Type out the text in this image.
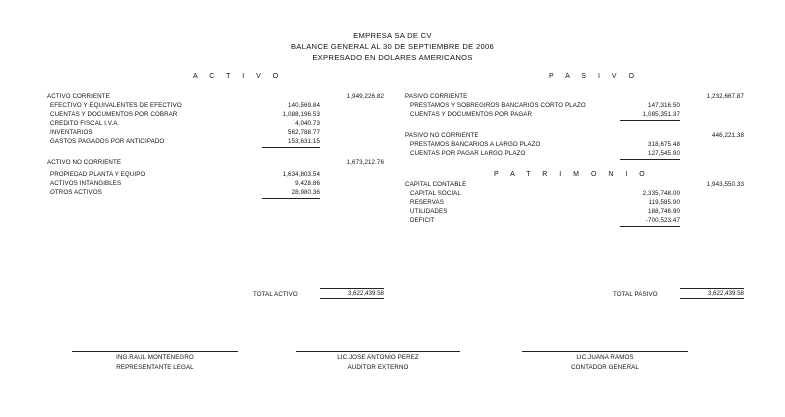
EMPRESA SA DE CV
BALANCE GENERAL AL 30 DE SEPTIEMBRE DE 2006
EXPRESADO EN DOLARES AMERICANOS
A C T I V O	P A S I V O
ACTIVO CORRIENTE	1,949,226.82
EFECTIVO Y EQUIVALENTES DE EFECTIVO	140,569.84
CUENTAS Y DOCUMENTOS POR COBRAR	1,088,196.53
CREDITO FISCAL I.V.A.	4,040.73
INVENTARIOS	562,788.77
GASTOS PAGADOS POR ANTICIPADO	153,631.15
ACTIVO NO CORRIENTE	1,673,212.76
PROPIEDAD PLANTA Y EQUIPO	1,634,803.54
ACTIVOS INTANGIBLES	9,428.86
OTROS ACTIVOS	28,980.36
PASIVO CORRIENTE	1,232,667.87
PRESTAMOS Y SOBREGIROS BANCARIOS CORTO PLAZO	147,316.50
CUENTAS Y DOCUMENTOS POR PAGAR	1,085,351.37
PASIVO NO CORRIENTE	446,221.38
PRESTAMOS BANCARIOS A LARGO PLAZO	318,675.48
CUENTAS POR PAGAR LARGO PLAZO	127,545.90
P A T R I M O N I O
CAPITAL CONTABLE	1,943,550.33
CAPITAL SOCIAL	2,335,748.00
RESERVAS	119,585.90
UTILIDADES	188,746.90
DEFICIT	-700,523.47
TOTAL ACTIVO	3,622,439.58	TOTAL PASIVO	3,622,439.58
ING.RAUL MONTENEGRO
REPRESENTANTE LEGAL
LIC.JOSE ANTONIO PEREZ
AUDITOR EXTERNO
LIC.JUANA RAMOS
CONTADOR GENERAL
